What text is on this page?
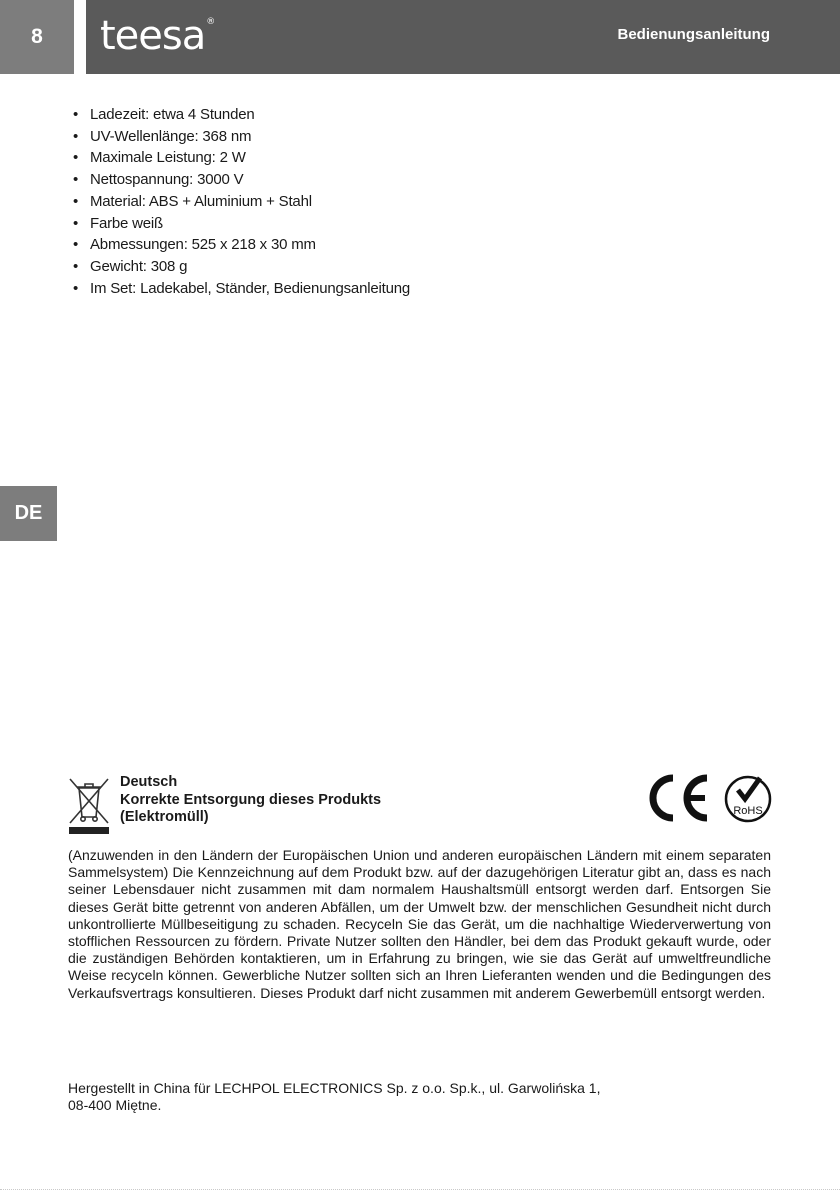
8	teesa®
Bedienungsanleitung
DE
• Ladezeit: etwa 4 Stunden
• UV-Wellenlänge: 368 nm
• Maximale Leistung: 2 W
• Nettospannung: 3000 V
• Material: ABS + Aluminium + Stahl
• Farbe weiß
• Abmessungen: 525 x 218 x 30 mm
• Gewicht: 308 g
• Im Set: Ladekabel, Ständer, Bedienungsanleitung
Deutsch
Korrekte Entsorgung dieses Produkts
(Elektromüll)	RoHS
(Anzuwenden in den Ländern der Europäischen Union und anderen europäischen Ländern mit einem separaten Sammelsystem) Die Kennzeichnung auf dem Produkt bzw. auf der dazugehörigen Literatur gibt an, dass es nach seiner Lebensdauer nicht zusammen mit dam normalem Haushaltsmüll entsorgt werden darf. Entsorgen Sie dieses Gerät bitte getrennt von anderen Abfällen, um der Umwelt bzw. der menschlichen Gesundheit nicht durch unkontrollierte Müllbeseitigung zu schaden. Recyceln Sie das Gerät, um die nachhaltige Wiederverwertung von stofflichen Ressourcen zu fördern. Private Nutzer sollten den Händler, bei dem das Produkt gekauft wurde, oder die zuständigen Behörden kontaktieren, um in Erfahrung zu bringen, wie sie das Gerät auf umweltfreundliche Weise recyceln können. Gewerbliche Nutzer sollten sich an Ihren Lieferanten wenden und die Bedingungen des Verkaufsvertrags konsultieren. Dieses Produkt darf nicht zusammen mit anderem Gewerbemüll entsorgt werden.
Hergestellt in China für LECHPOL ELECTRONICS Sp. z o.o. Sp.k., ul. Garwolińska 1,
08-400 Miętne.
